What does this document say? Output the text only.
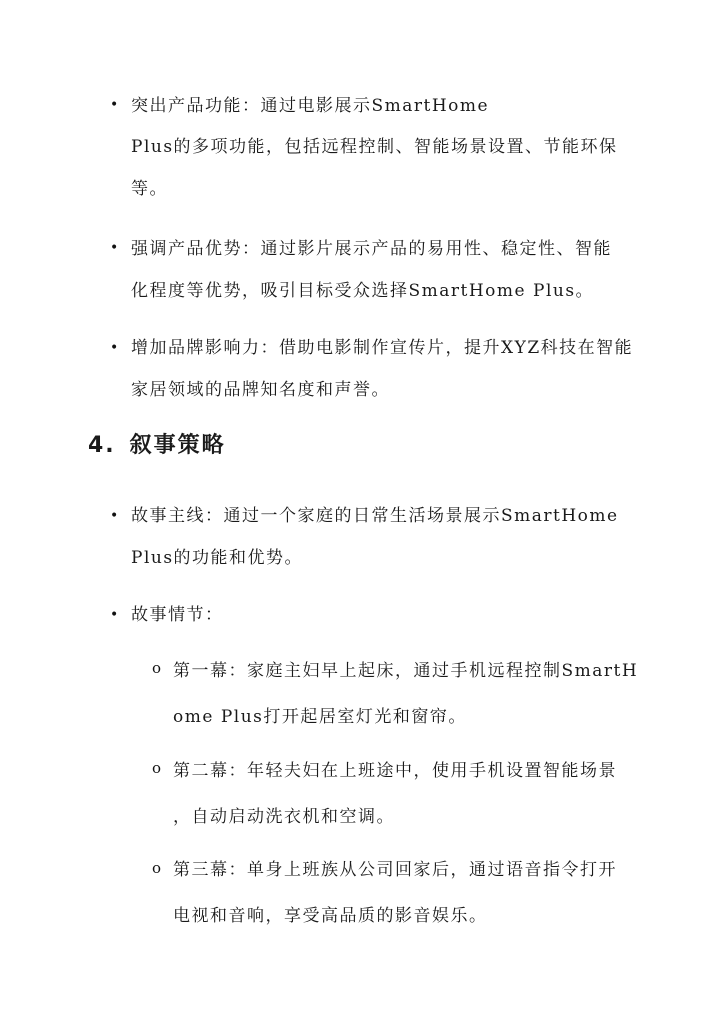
• 突出产品功能：通过电影展示SmartHome
Plus的多项功能，包括远程控制、智能场景设置、节能环保
等。
• 强调产品优势：通过影片展示产品的易用性、稳定性、智能
化程度等优势，吸引目标受众选择SmartHome Plus。
• 增加品牌影响力：借助电影制作宣传片，提升XYZ科技在智能
家居领域的品牌知名度和声誉。
4. 叙事策略
• 故事主线：通过一个家庭的日常生活场景展示SmartHome
Plus的功能和优势。
• 故事情节：
o 第一幕：家庭主妇早上起床，通过手机远程控制SmartH
ome Plus打开起居室灯光和窗帘。
o 第二幕：年轻夫妇在上班途中，使用手机设置智能场景
，自动启动洗衣机和空调。
o 第三幕：单身上班族从公司回家后，通过语音指令打开
电视和音响，享受高品质的影音娱乐。
